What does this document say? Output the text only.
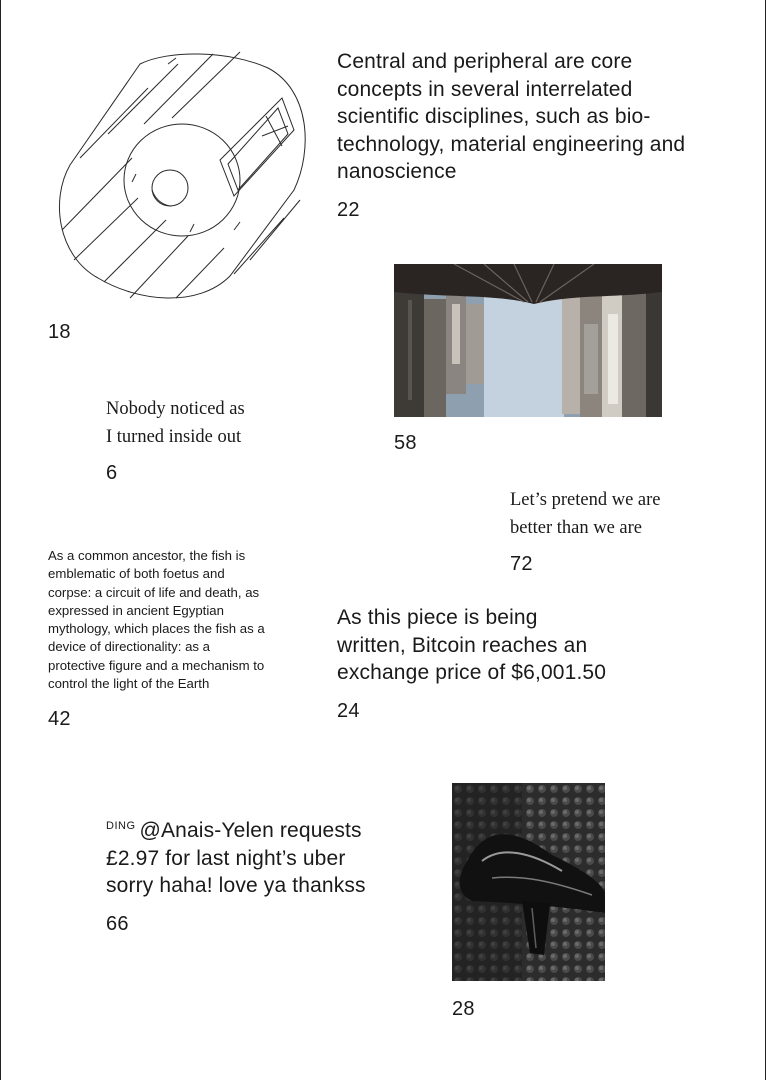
18
Central and peripheral are core concepts in several interrelated scientific disciplines, such as bio-technology, material engineering and nanoscience
22
58
Nobody noticed as
I turned inside out
6
Let’s pretend we are
better than we are
72
As a common ancestor, the fish is emblematic of both foetus and corpse: a circuit of life and death, as expressed in ancient Egyptian mythology, which places the fish as a device of directionality: as a protective figure and a mechanism to control the light of the Earth
42
As this piece is being written, Bitcoin reaches an exchange price of $6,001.50
24
$^{DING}$ @Anais-Yelen requests £2.97 for last night’s uber sorry haha! love ya thankss
66
28
